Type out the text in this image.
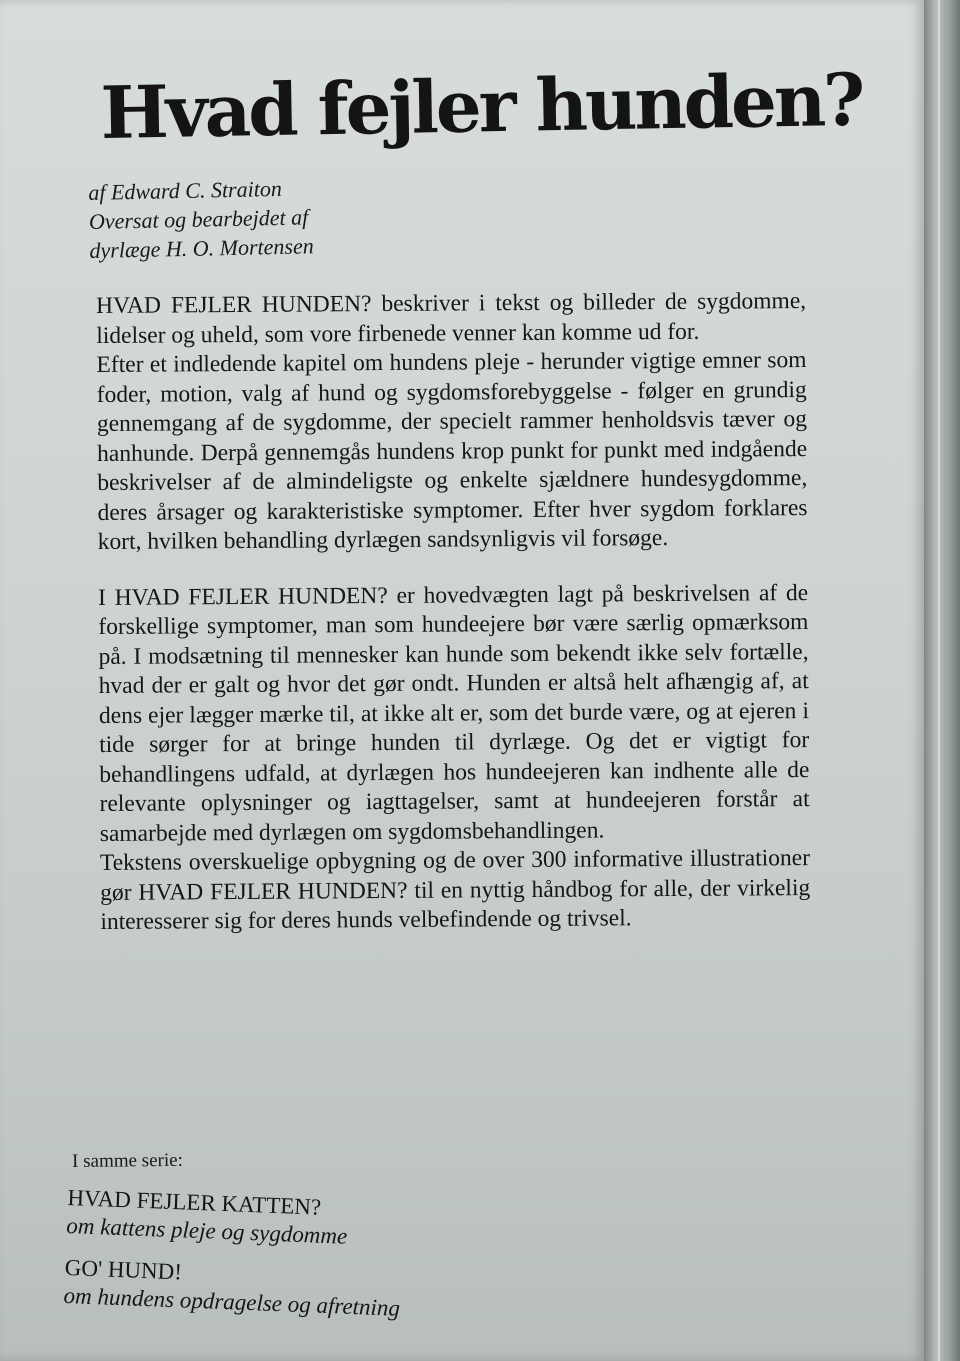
Hvad fejler hunden?
af Edward C. Straiton
Oversat og bearbejdet af
dyrlæge H. O. Mortensen

HVAD FEJLER HUNDEN? beskriver i tekst og billeder de sygdomme, lidelser og uheld, som vore firbenede venner kan komme ud for.

Efter et indledende kapitel om hundens pleje - herunder vigtige emner som foder, motion, valg af hund og sygdomsforebyggelse - følger en grundig gennemgang af de sygdomme, der specielt rammer henholdsvis tæver og hanhunde. Derpå gennemgås hundens krop punkt for punkt med indgående beskrivelser af de almindeligste og enkelte sjældnere hundesygdomme, deres årsager og karakteristiske symptomer. Efter hver sygdom forklares kort, hvilken behandling dyrlægen sandsynligvis vil forsøge.

I HVAD FEJLER HUNDEN? er hovedvægten lagt på beskrivelsen af de forskellige symptomer, man som hundeejere bør være særlig opmærksom på. I modsætning til mennesker kan hunde som bekendt ikke selv fortælle, hvad der er galt og hvor det gør ondt. Hunden er altså helt afhængig af, at dens ejer lægger mærke til, at ikke alt er, som det burde være, og at ejeren i tide sørger for at bringe hunden til dyrlæge. Og det er vigtigt for behandlingens udfald, at dyrlægen hos hundeejeren kan indhente alle de relevante oplysninger og iagttagelser, samt at hundeejeren forstår at samarbejde med dyrlægen om sygdomsbehandlingen.

Tekstens overskuelige opbygning og de over 300 informative illustrationer gør HVAD FEJLER HUNDEN? til en nyttig håndbog for alle, der virkelig interesserer sig for deres hunds velbefindende og trivsel.

I samme serie:
HVAD FEJLER KATTEN?
om kattens pleje og sygdomme
GO' HUND!
om hundens opdragelse og afretning
